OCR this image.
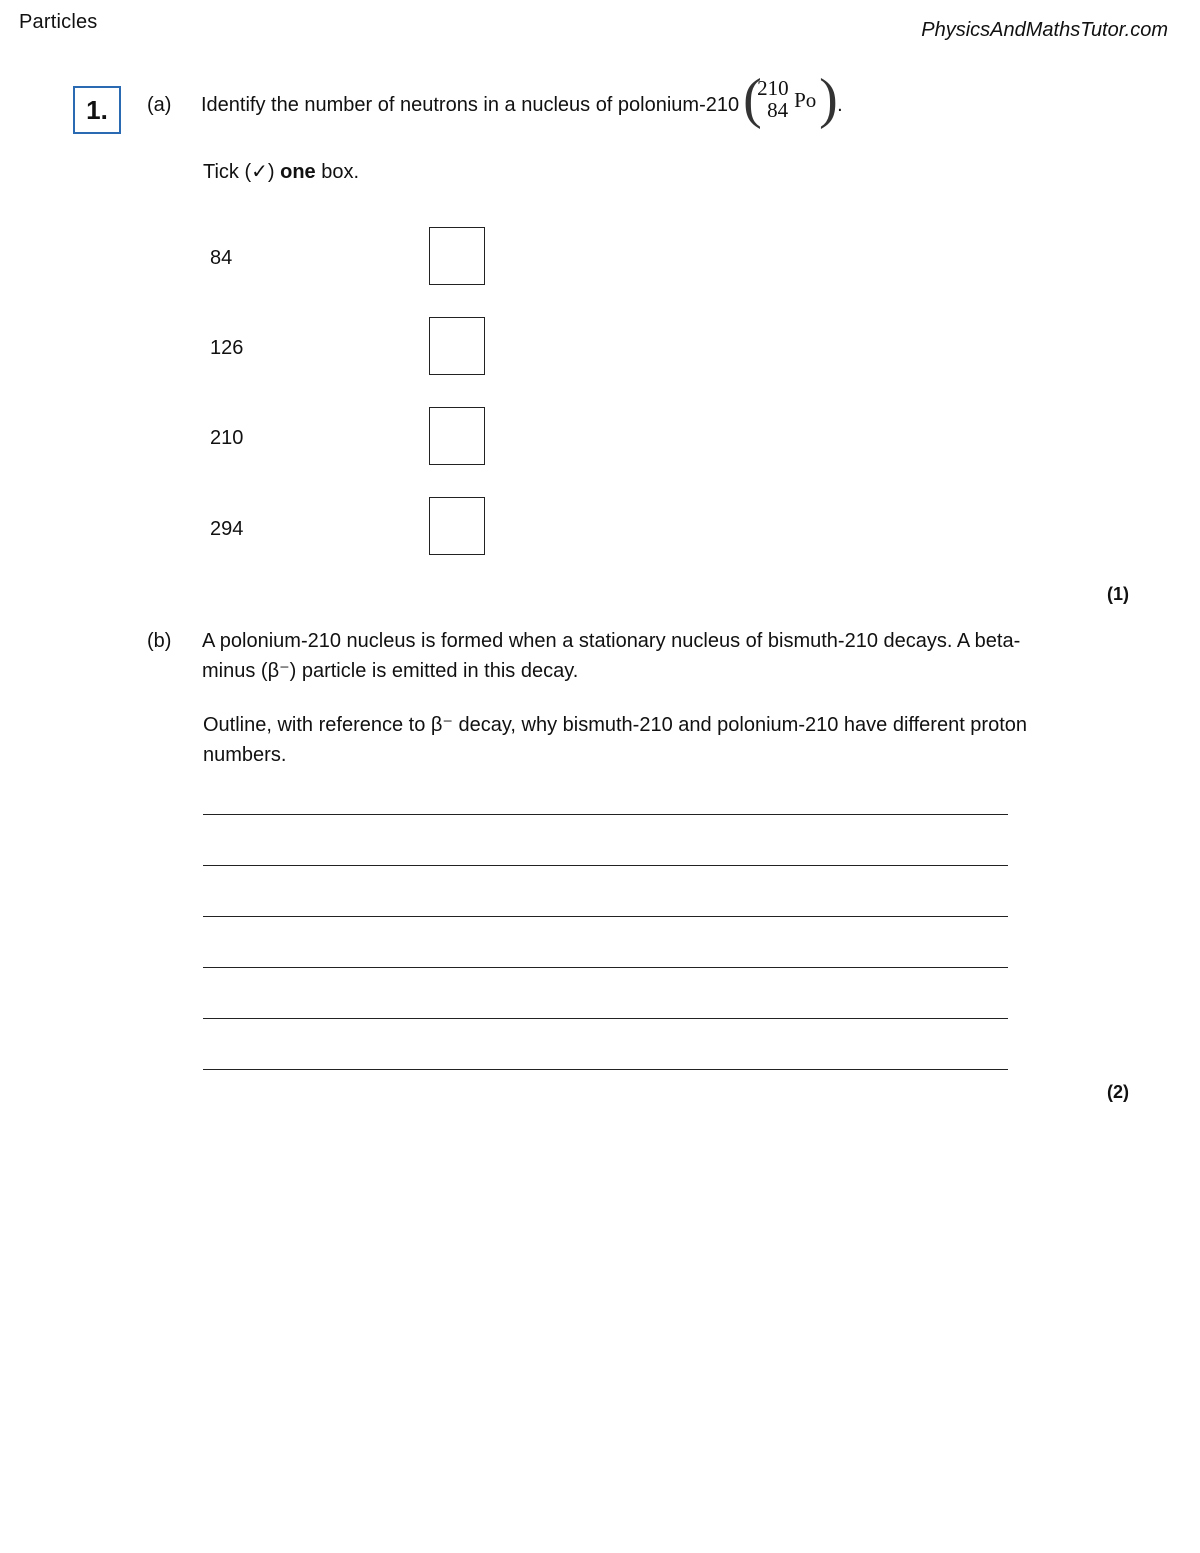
Particles	PhysicsAndMathsTutor.com
1.	(a) Identify the number of neutrons in a nucleus of polonium-210 (
210
84 Po ) .
Tick (✓) one box.
84
126
210
294
(1)
(b) A polonium-210 nucleus is formed when a stationary nucleus of bismuth-210 decays. A beta-minus (β⁻) particle is emitted in this decay.
Outline, with reference to β⁻ decay, why bismuth-210 and polonium-210 have different proton numbers.
(2)
